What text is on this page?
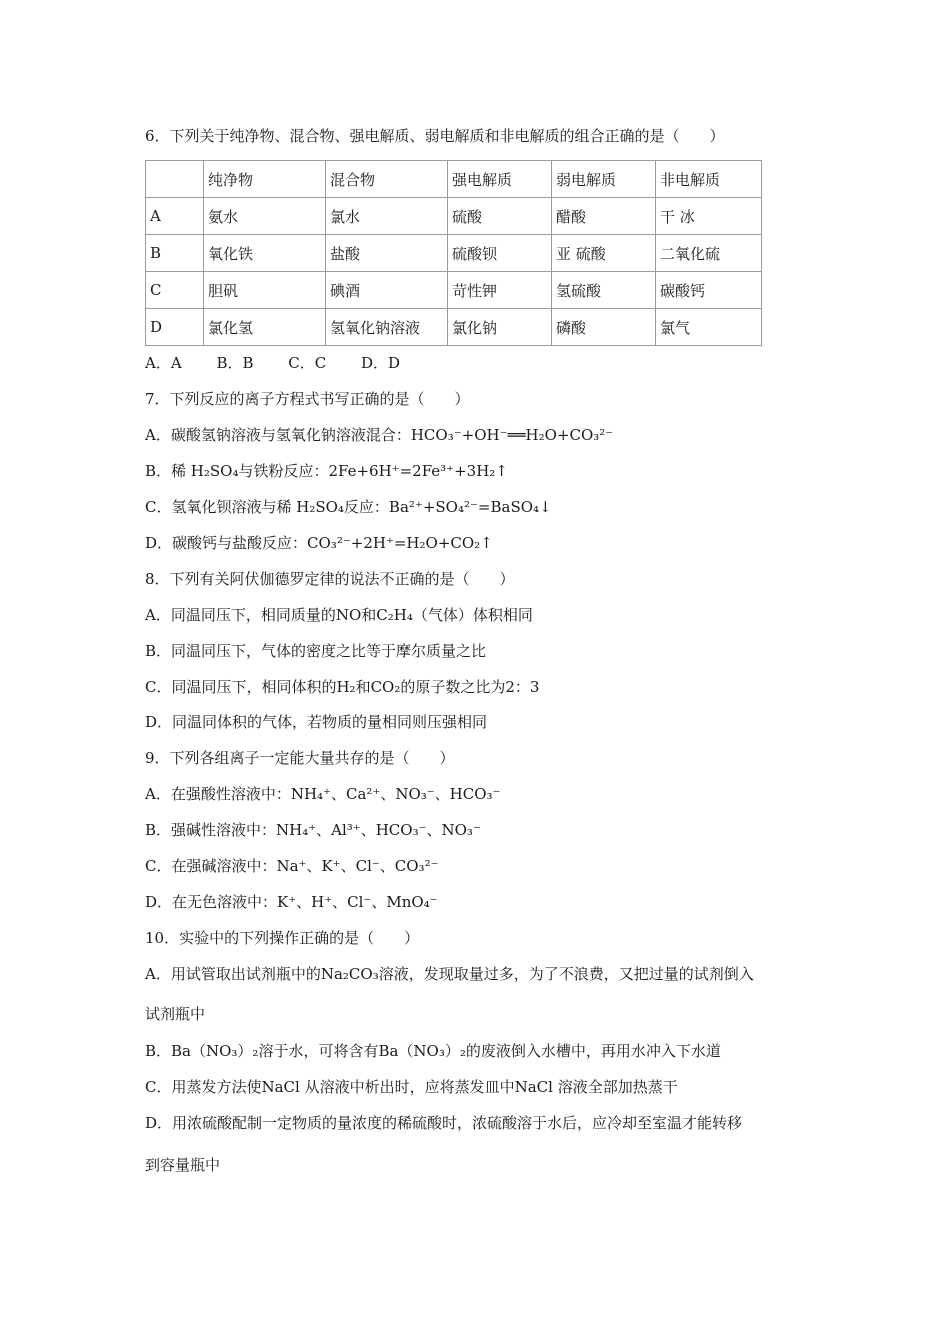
6．下列关于纯净物、混合物、强电解质、弱电解质和非电解质的组合正确的是（　　）
	纯净物	混合物	强电解质	弱电解质	非电解质
A	氨水	氯水	硫酸	醋酸	干 冰
B	氧化铁	盐酸	硫酸钡	亚 硫酸	二氧化硫
C	胆矾	碘酒	苛性钾	氢硫酸	碳酸钙
D	氯化氢	氢氧化钠溶液	氯化钠	磷酸	氯气
A．A B．B C．C D．D
7．下列反应的离子方程式书写正确的是（　　）
A．碳酸氢钠溶液与氢氧化钠溶液混合：HCO₃⁻+OH⁻══H₂O+CO₃²⁻
B．稀 H₂SO₄与铁粉反应：2Fe+6H⁺=2Fe³⁺+3H₂↑
C．氢氧化钡溶液与稀 H₂SO₄反应：Ba²⁺+SO₄²⁻=BaSO₄↓
D．碳酸钙与盐酸反应：CO₃²⁻+2H⁺=H₂O+CO₂↑
8．下列有关阿伏伽德罗定律的说法不正确的是（　　）
A．同温同压下，相同质量的NO和C₂H₄（气体）体积相同
B．同温同压下，气体的密度之比等于摩尔质量之比
C．同温同压下，相同体积的H₂和CO₂的原子数之比为2：3
D．同温同体积的气体，若物质的量相同则压强相同
9．下列各组离子一定能大量共存的是（　　）
A．在强酸性溶液中：NH₄⁺、Ca²⁺、NO₃⁻、HCO₃⁻
B．强碱性溶液中：NH₄⁺、Al³⁺、HCO₃⁻、NO₃⁻
C．在强碱溶液中：Na⁺、K⁺、Cl⁻、CO₃²⁻
D．在无色溶液中：K⁺、H⁺、Cl⁻、MnO₄⁻
10．实验中的下列操作正确的是（　　）
A．用试管取出试剂瓶中的Na₂CO₃溶液，发现取量过多，为了不浪费，又把过量的试剂倒入
试剂瓶中
B．Ba（NO₃）₂溶于水，可将含有Ba（NO₃）₂的废液倒入水槽中，再用水冲入下水道
C．用蒸发方法使NaCl 从溶液中析出时，应将蒸发皿中NaCl 溶液全部加热蒸干
D．用浓硫酸配制一定物质的量浓度的稀硫酸时，浓硫酸溶于水后，应冷却至室温才能转移
到容量瓶中
